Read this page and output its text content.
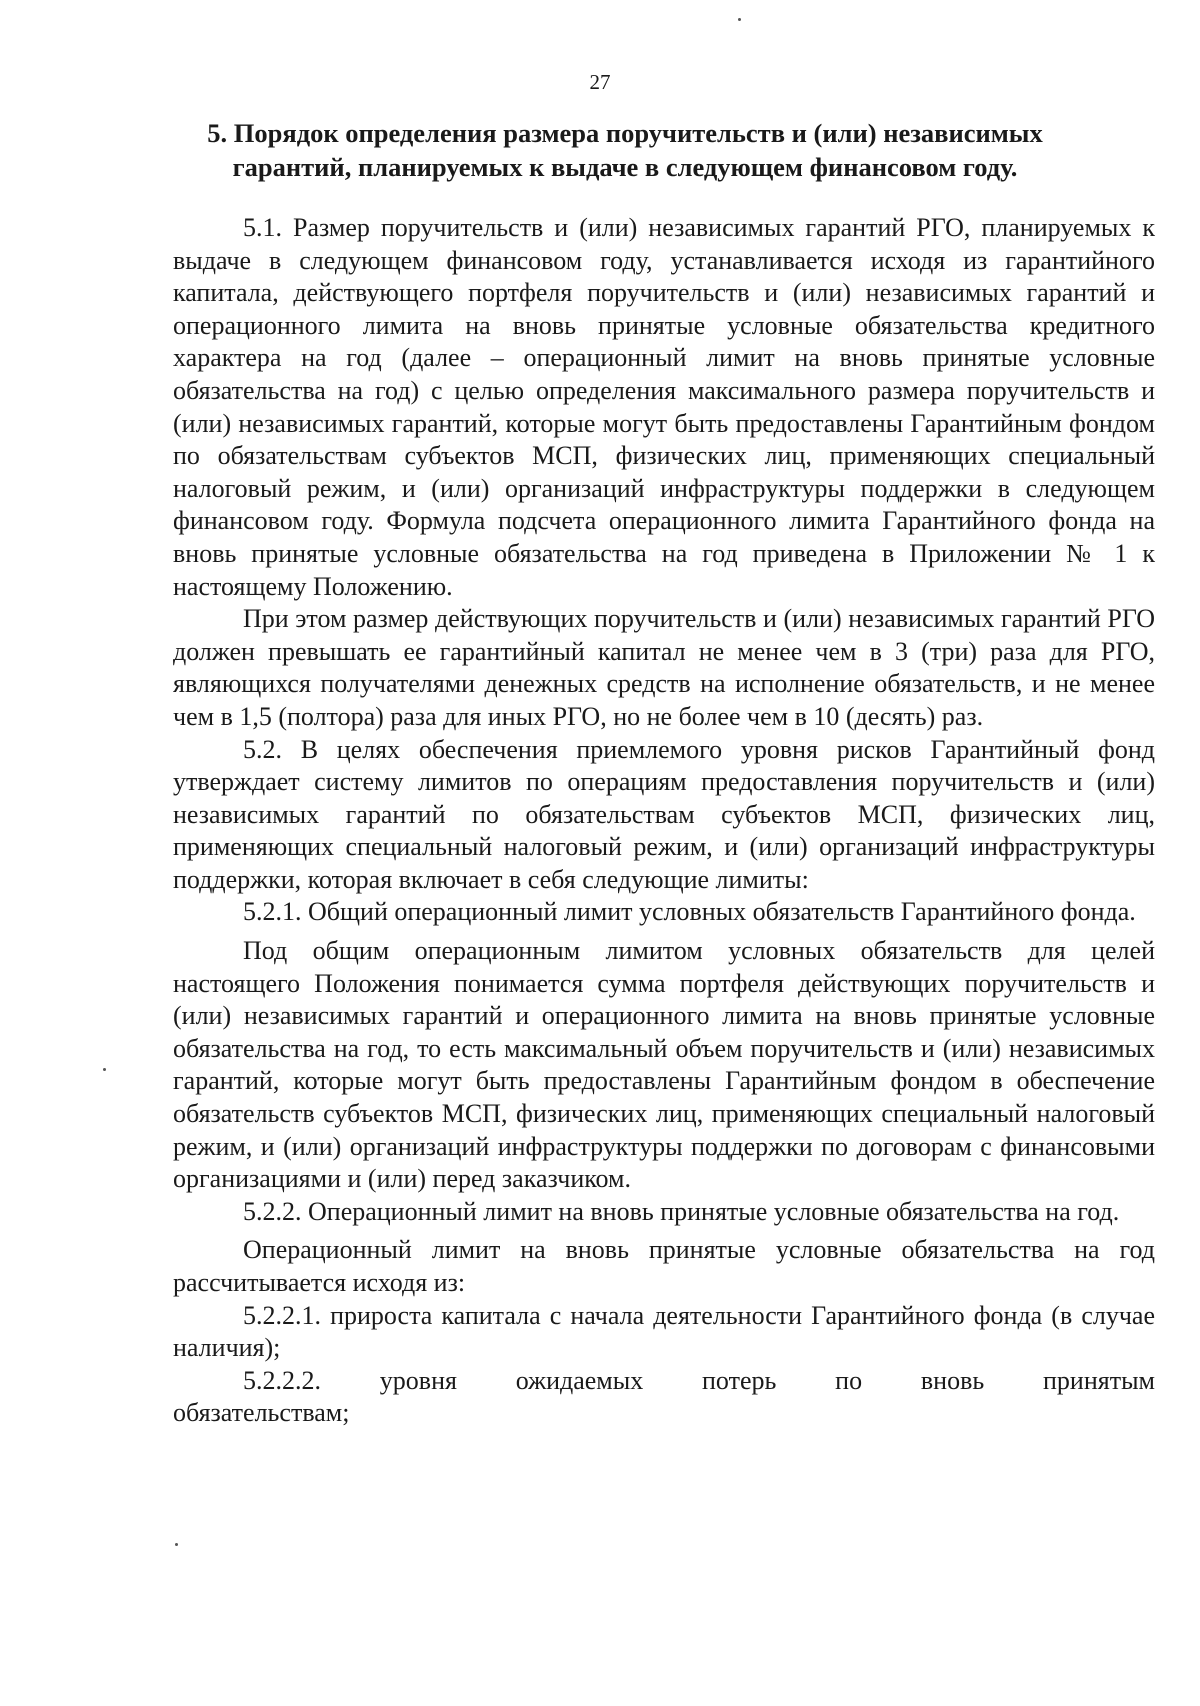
27
5. Порядок определения размера поручительств и (или) независимых гарантий, планируемых к выдаче в следующем финансовом году.

5.1. Размер поручительств и (или) независимых гарантий РГО, планируемых к выдаче в следующем финансовом году, устанавливается исходя из гарантийного капитала, действующего портфеля поручительств и (или) независимых гарантий и операционного лимита на вновь принятые условные обязательства кредитного характера на год (далее – операционный лимит на вновь принятые условные обязательства на год) с целью определения максимального размера поручительств и (или) независимых гарантий, которые могут быть предоставлены Гарантийным фондом по обязательствам субъектов МСП, физических лиц, применяющих специальный налоговый режим, и (или) организаций инфраструктуры поддержки в следующем финансовом году. Формула подсчета операционного лимита Гарантийного фонда на вновь принятые условные обязательства на год приведена в Приложении № 1 к настоящему Положению.

При этом размер действующих поручительств и (или) независимых гарантий РГО должен превышать ее гарантийный капитал не менее чем в 3 (три) раза для РГО, являющихся получателями денежных средств на исполнение обязательств, и не менее чем в 1,5 (полтора) раза для иных РГО, но не более чем в 10 (десять) раз.

5.2. В целях обеспечения приемлемого уровня рисков Гарантийный фонд утверждает систему лимитов по операциям предоставления поручительств и (или) независимых гарантий по обязательствам субъектов МСП, физических лиц, применяющих специальный налоговый режим, и (или) организаций инфраструктуры поддержки, которая включает в себя следующие лимиты:

5.2.1. Общий операционный лимит условных обязательств Гарантийного фонда.

Под общим операционным лимитом условных обязательств для целей настоящего Положения понимается сумма портфеля действующих поручительств и (или) независимых гарантий и операционного лимита на вновь принятые условные обязательства на год, то есть максимальный объем поручительств и (или) независимых гарантий, которые могут быть предоставлены Гарантийным фондом в обеспечение обязательств субъектов МСП, физических лиц, применяющих специальный налоговый режим, и (или) организаций инфраструктуры поддержки по договорам с финансовыми организациями и (или) перед заказчиком.

5.2.2. Операционный лимит на вновь принятые условные обязательства на год.

Операционный лимит на вновь принятые условные обязательства на год рассчитывается исходя из:

5.2.2.1. прироста капитала с начала деятельности Гарантийного фонда (в случае наличия);

5.2.2.2. уровня ожидаемых потерь по вновь принятым
обязательствам;
